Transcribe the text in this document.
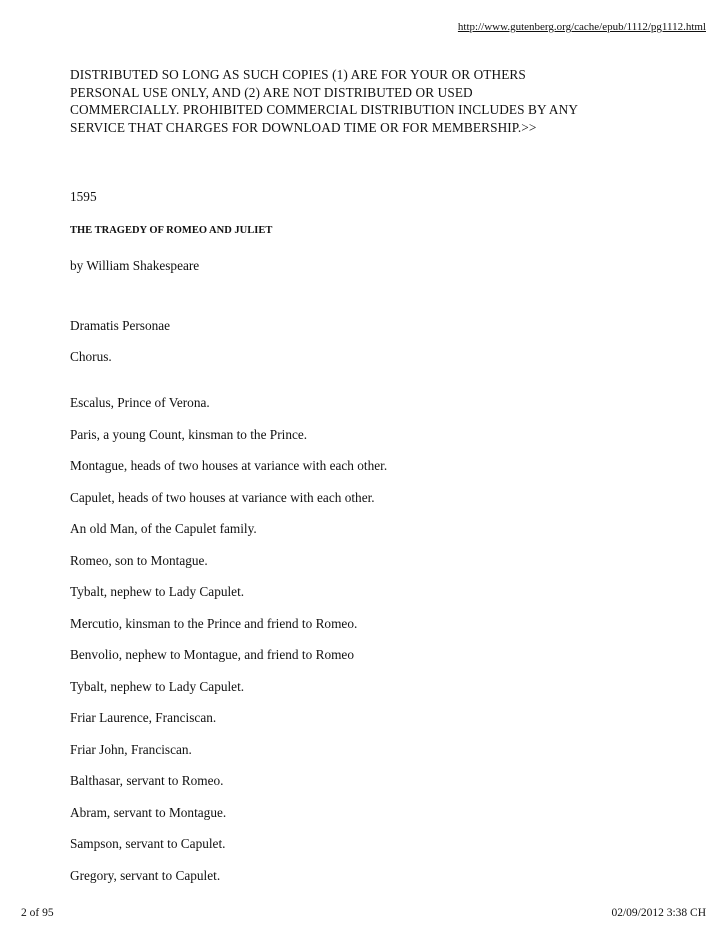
http://www.gutenberg.org/cache/epub/1112/pg1112.html

DISTRIBUTED SO LONG AS SUCH COPIES (1) ARE FOR YOUR OR OTHERS
PERSONAL USE ONLY, AND (2) ARE NOT DISTRIBUTED OR USED
COMMERCIALLY. PROHIBITED COMMERCIAL DISTRIBUTION INCLUDES BY ANY
SERVICE THAT CHARGES FOR DOWNLOAD TIME OR FOR MEMBERSHIP.>>

1595

THE TRAGEDY OF ROMEO AND JULIET

by William Shakespeare

Dramatis Personae

Chorus.

Escalus, Prince of Verona.
Paris, a young Count, kinsman to the Prince.
Montague, heads of two houses at variance with each other.
Capulet, heads of two houses at variance with each other.
An old Man, of the Capulet family.
Romeo, son to Montague.
Tybalt, nephew to Lady Capulet.
Mercutio, kinsman to the Prince and friend to Romeo.
Benvolio, nephew to Montague, and friend to Romeo
Tybalt, nephew to Lady Capulet.
Friar Laurence, Franciscan.
Friar John, Franciscan.
Balthasar, servant to Romeo.
Abram, servant to Montague.
Sampson, servant to Capulet.
Gregory, servant to Capulet.
2 of 95	02/09/2012 3:38 CH
